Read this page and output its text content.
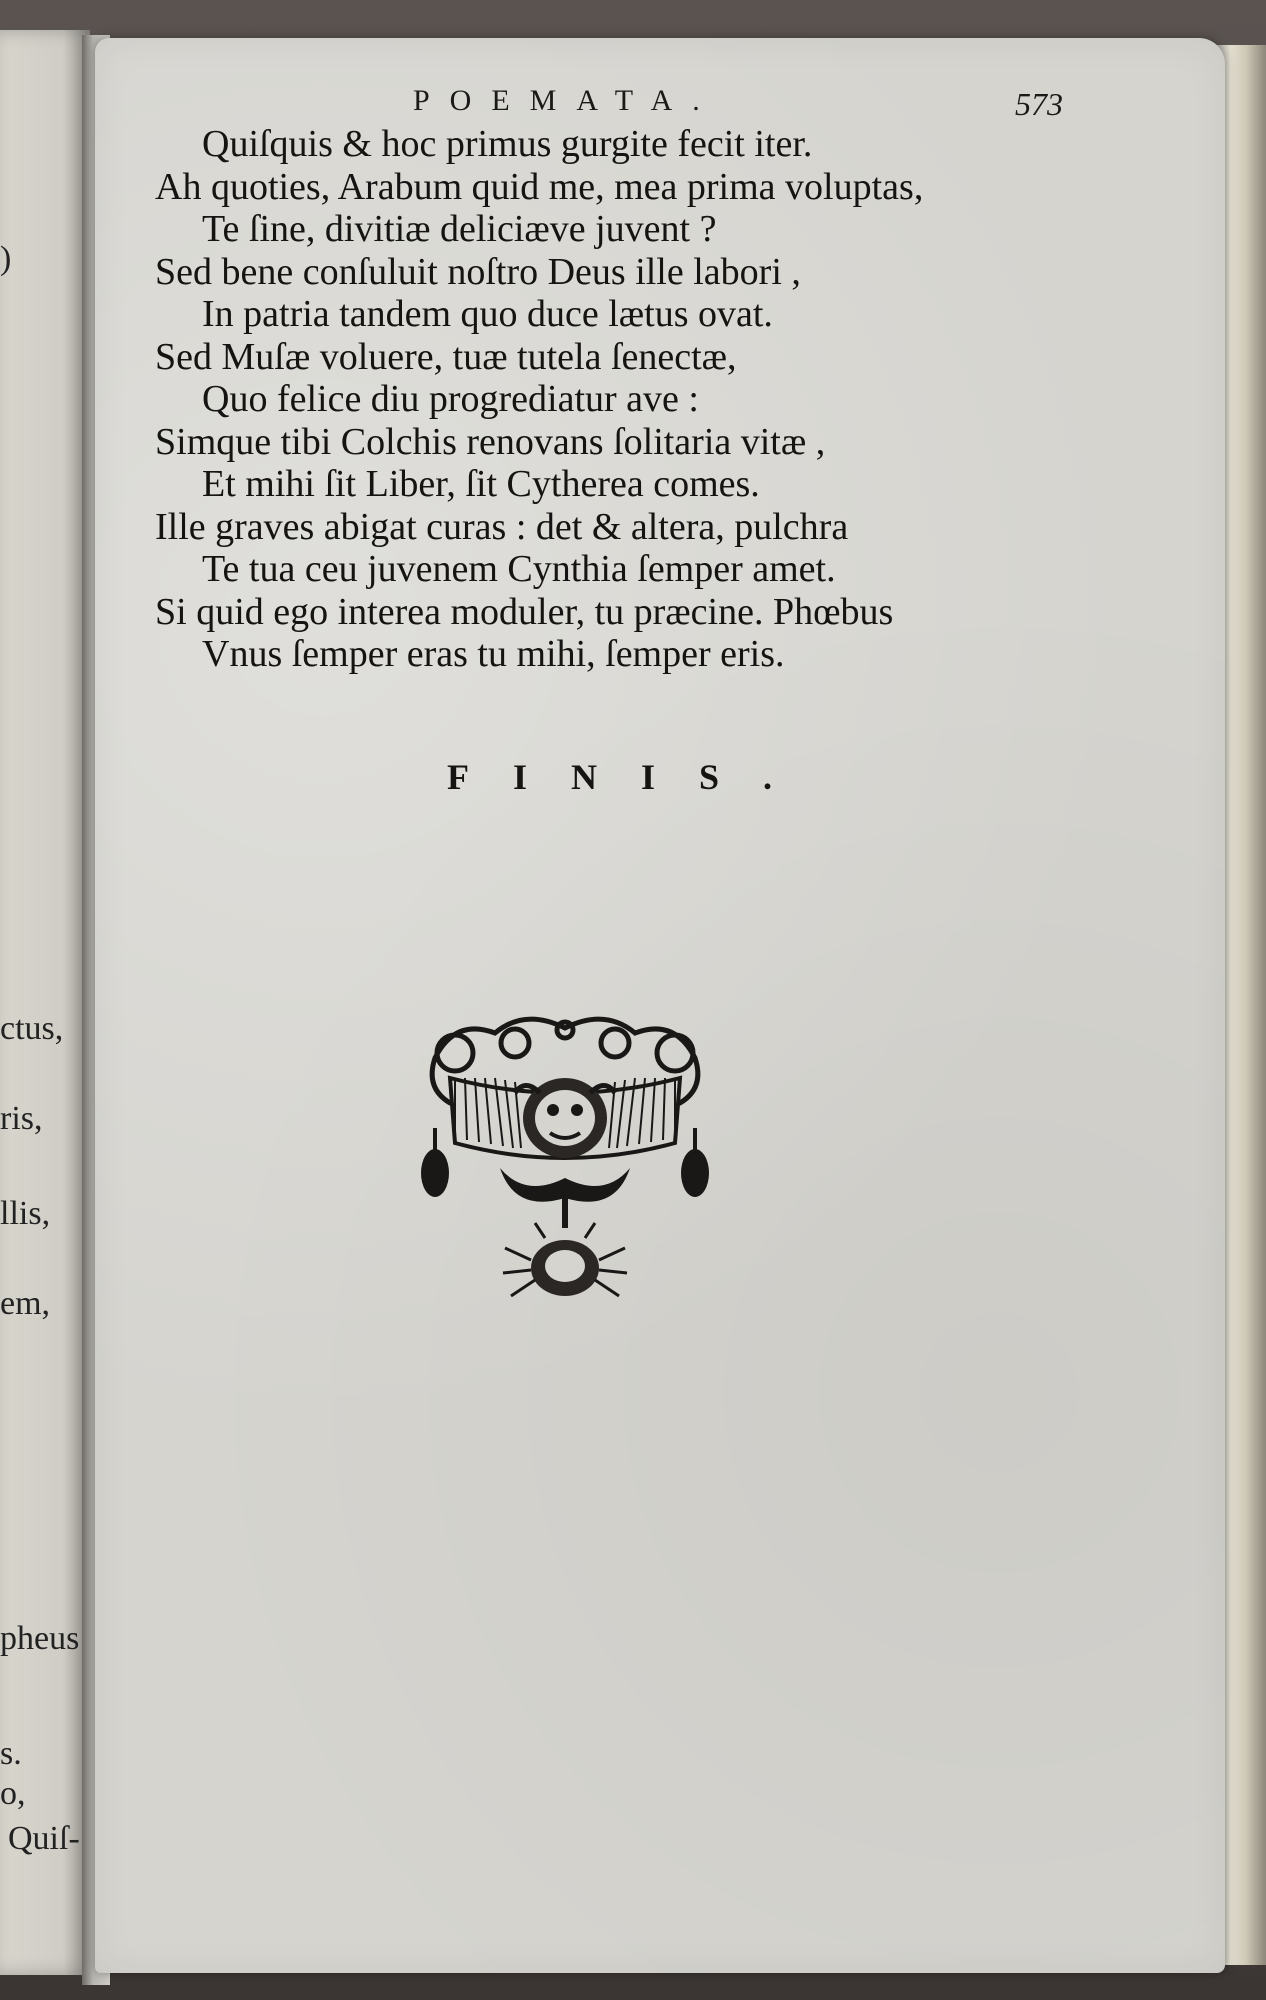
)
ctus,
ris,
llis,
em,
pheus
s.
o,
Quiſ-
POEMATA.	573
Quiſquis & hoc primus gurgite fecit iter.
Ah quoties, Arabum quid me, mea prima voluptas,
Te ſine, divitiæ deliciæve juvent ?
Sed bene conſuluit noſtro Deus ille labori ,
In patria tandem quo duce lætus ovat.
Sed Muſæ voluere, tuæ tutela ſenectæ,
Quo felice diu progrediatur ave :
Simque tibi Colchis renovans ſolitaria vitæ ,
Et mihi ſit Liber, ſit Cytherea comes.
Ille graves abigat curas : det & altera, pulchra
Te tua ceu juvenem Cynthia ſemper amet.
Si quid ego interea moduler, tu præcine. Phœbus
Vnus ſemper eras tu mihi, ſemper eris.
FINIS.
